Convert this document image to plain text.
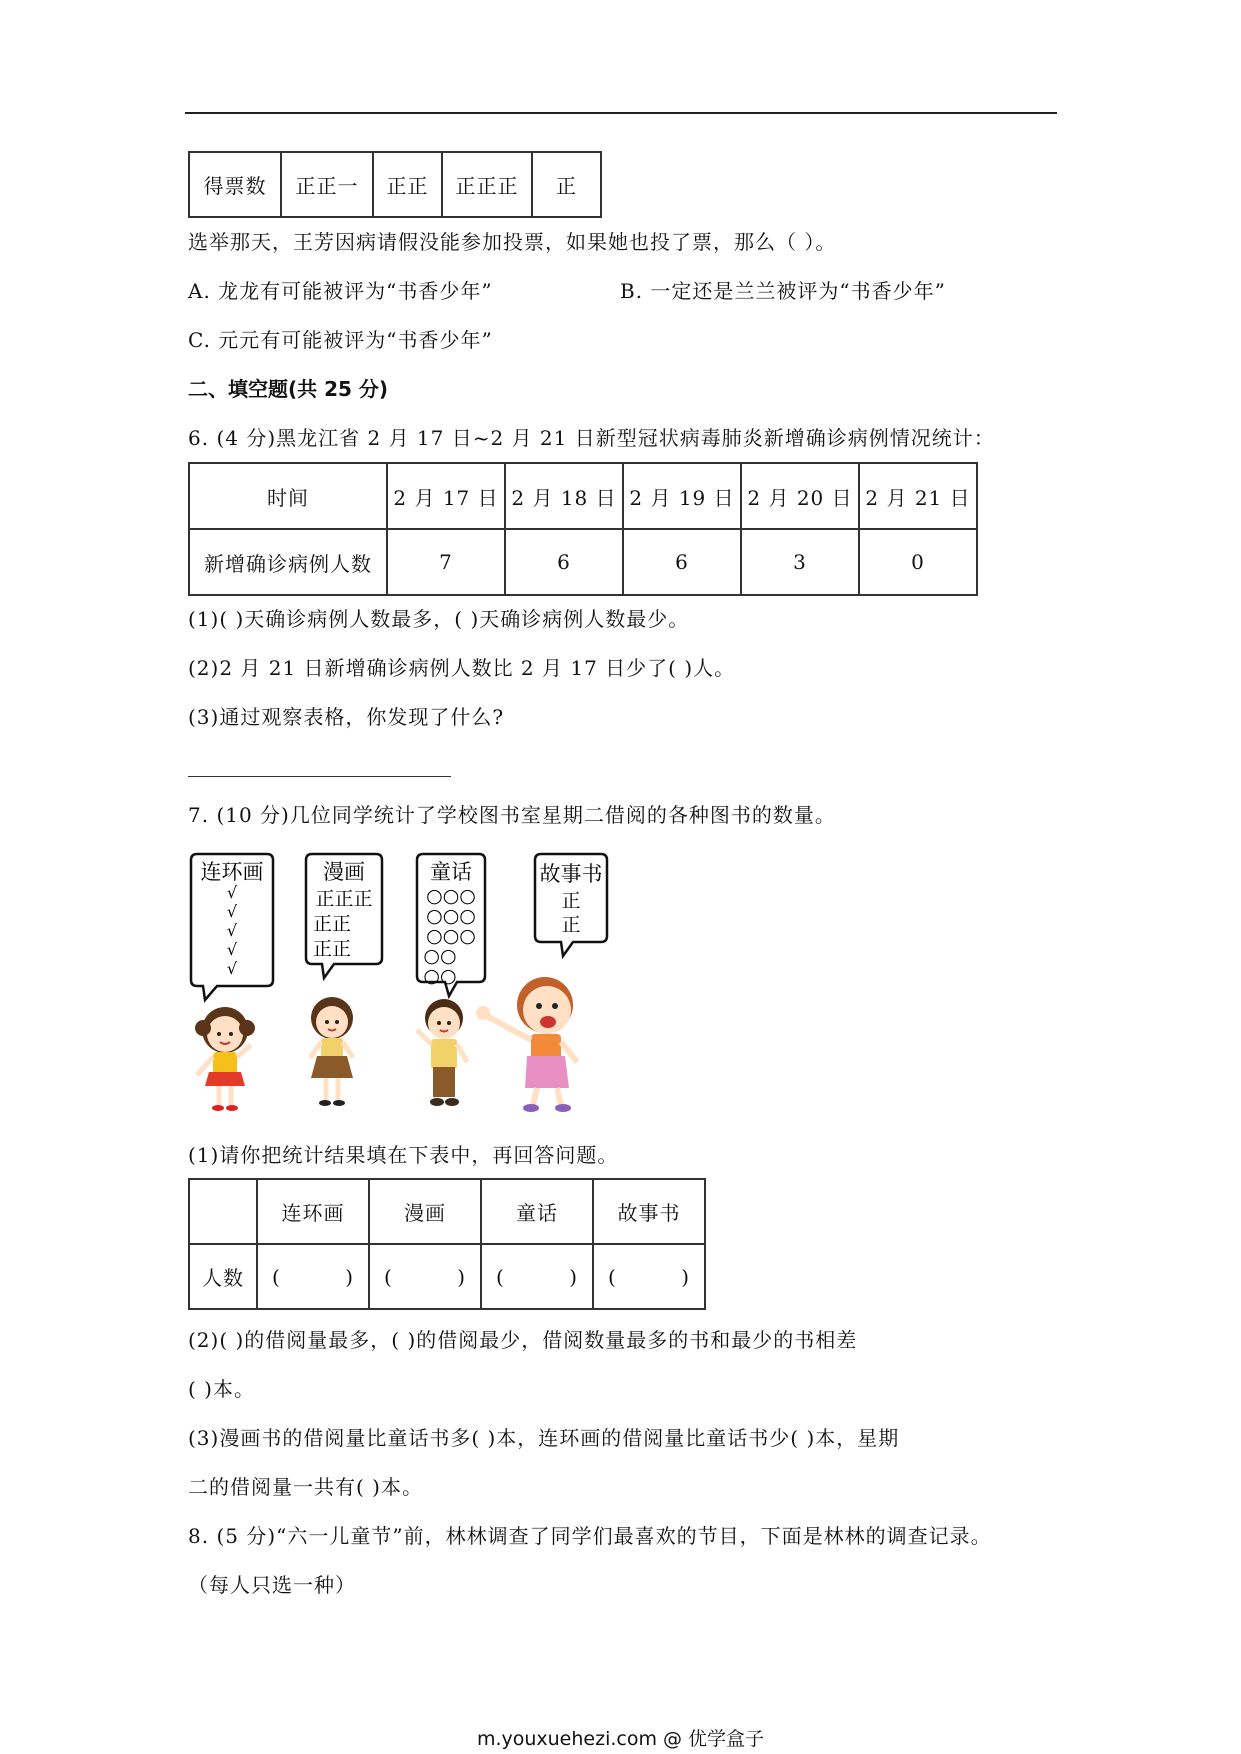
得票数	正正一	正正	正正正	正
选举那天，王芳因病请假没能参加投票，如果她也投了票，那么（ ）。
A. 龙龙有可能被评为“书香少年”	B. 一定还是兰兰被评为“书香少年”
C. 元元有可能被评为“书香少年”
二、填空题(共 25 分)
6. (4 分)黑龙江省 2 月 17 日~2 月 21 日新型冠状病毒肺炎新增确诊病例情况统计：
时间	2 月 17 日	2 月 18 日	2 月 19 日	2 月 20 日	2 月 21 日
新增确诊病例人数	7	6	6	3	0
(1)( )天确诊病例人数最多，( )天确诊病例人数最少。
(2)2 月 21 日新增确诊病例人数比 2 月 17 日少了( )人。
(3)通过观察表格，你发现了什么?
7. (10 分)几位同学统计了学校图书室星期二借阅的各种图书的数量。
连环画
√
√
√
√
√
漫画
正正正
正正
正正
童话
○○○
○○○
○○○
○○
○○
故事书
正
正
(1)请你把统计结果填在下表中，再回答问题。
	连环画	漫画	童话	故事书
人数	( )	( )	( )	( )
(2)( )的借阅量最多，( )的借阅最少，借阅数量最多的书和最少的书相差
( )本。
(3)漫画书的借阅量比童话书多( )本，连环画的借阅量比童话书少( )本，星期
二的借阅量一共有( )本。
8. (5 分)“六一儿童节”前，林林调查了同学们最喜欢的节目，下面是林林的调查记录。
（每人只选一种）
m.youxuehezi.com @ 优学盒子
